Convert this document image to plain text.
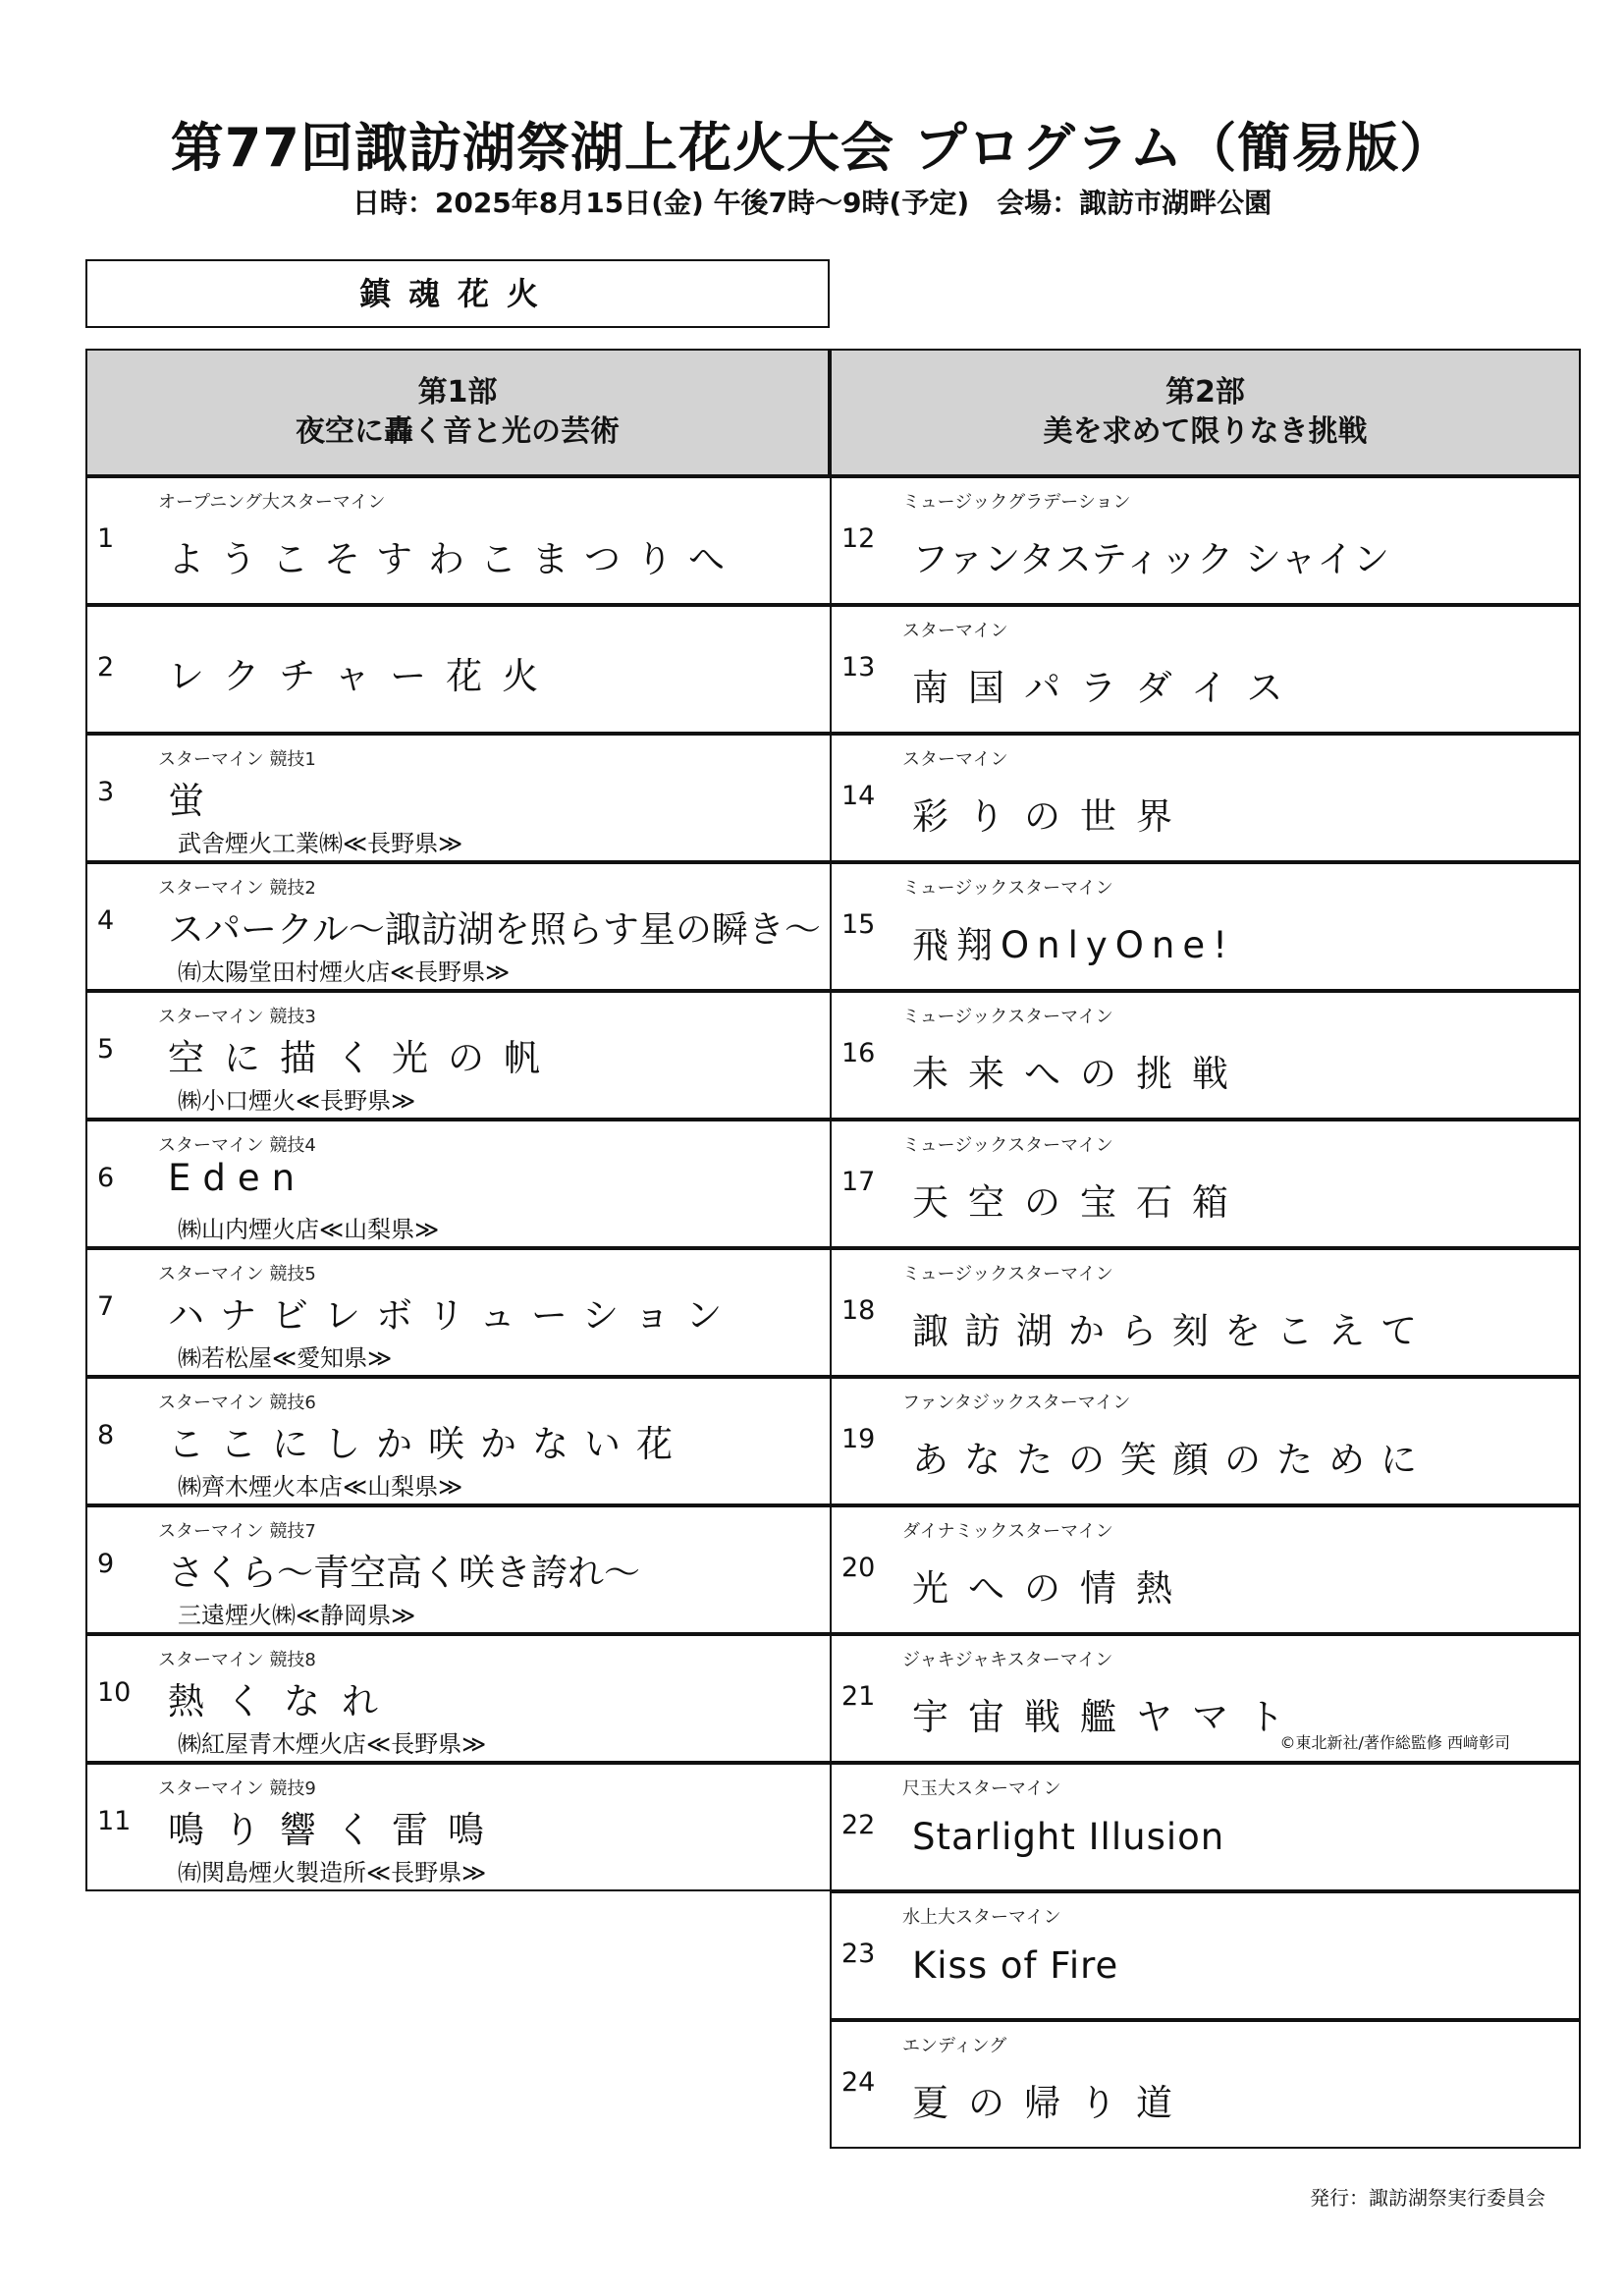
第77回諏訪湖祭湖上花火大会 プログラム（簡易版）
日時：2025年8月15日(金) 午後7時～9時(予定)　会場：諏訪市湖畔公園
鎮魂花火
第1部
夜空に轟く音と光の芸術
第2部
美を求めて限りなき挑戦
オープニング大スターマイン
1 ようこそすわこまつりへ
2 レクチャー花火
スターマイン 競技1
3 蛍
武舎煙火工業㈱≪長野県≫
スターマイン 競技2
4 スパークル～諏訪湖を照らす星の瞬き～
㈲太陽堂田村煙火店≪長野県≫
スターマイン 競技3
5 空に描く光の帆
㈱小口煙火≪長野県≫
スターマイン 競技4
6 Eden
㈱山内煙火店≪山梨県≫
スターマイン 競技5
7 ハナビレボリューション
㈱若松屋≪愛知県≫
スターマイン 競技6
8 ここにしか咲かない花
㈱齊木煙火本店≪山梨県≫
スターマイン 競技7
9 さくら～青空高く咲き誇れ～
三遠煙火㈱≪静岡県≫
スターマイン 競技8
10 熱くなれ
㈱紅屋青木煙火店≪長野県≫
スターマイン 競技9
11 鳴り響く雷鳴
㈲関島煙火製造所≪長野県≫
ミュージックグラデーション
12 ファンタスティック シャイン
スターマイン
13 南国パラダイス
スターマイン
14 彩りの世界
ミュージックスターマイン
15 飛翔OnlyOne!
ミュージックスターマイン
16 未来への挑戦
ミュージックスターマイン
17 天空の宝石箱
ミュージックスターマイン
18 諏訪湖から刻をこえて
ファンタジックスターマイン
19 あなたの笑顔のために
ダイナミックスターマイン
20 光への情熱
ジャキジャキスターマイン
21 宇宙戦艦ヤマト
©東北新社/著作総監修 西﨑彰司
尺玉大スターマイン
22 Starlight Illusion
水上大スターマイン
23 Kiss of Fire
エンディング
24 夏の帰り道
発行：諏訪湖祭実行委員会
